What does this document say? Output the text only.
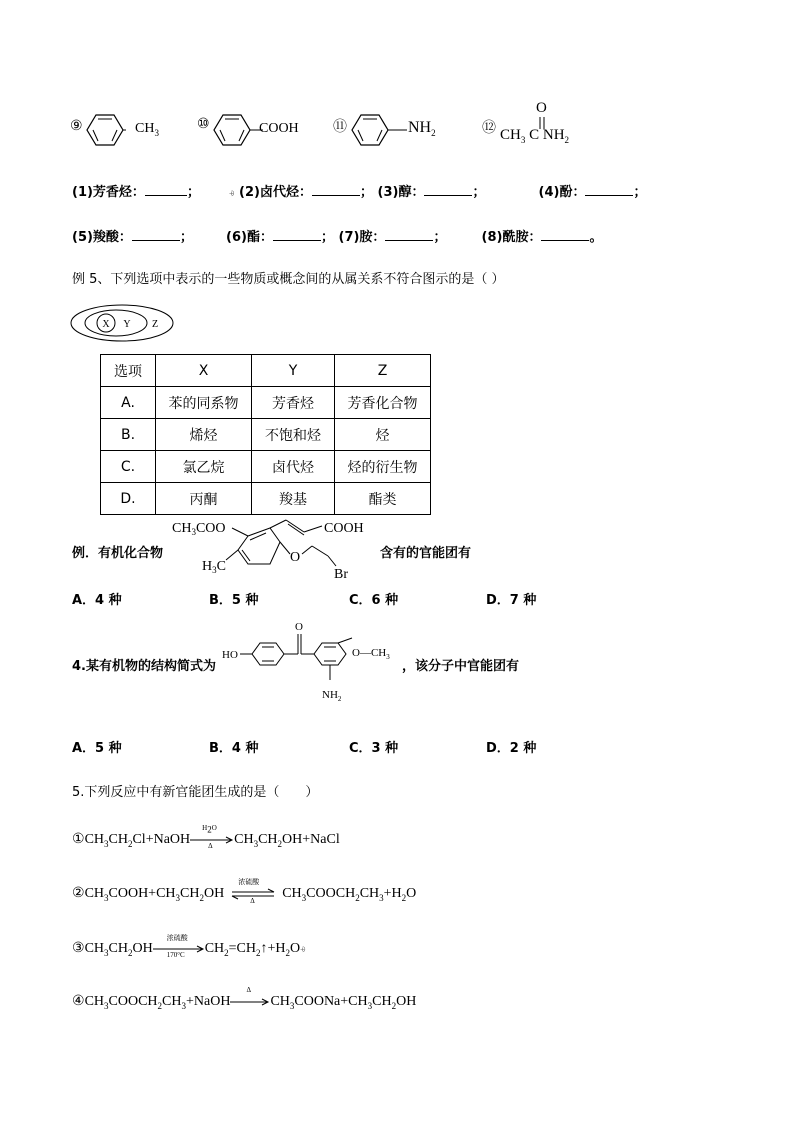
⑨	$CH_3$
⑩	COOH ⑪	$NH_2$	⑫
O
$CH_3$ C $NH_2$
(1)芳香烃：	；	⨮ (2)卤代烃：	； (3)醇：	；	(4)酚：	；
(5)羧酸：	；	(6)酯：	； (7)胺：	；	(8)酰胺：	。
例 5、下列选项中表示的一些物质或概念间的从属关系不符合图示的是（ ）
X Y Z
选项	X	Y	Z
A.	苯的同系物	芳香烃	芳香化合物
B.	烯烃	不饱和烃	烃
C.	氯乙烷	卤代烃	烃的衍生物
D.	丙酮	羧基	酯类
例．有机化合物
$CH_3COO$	COOH
$H_3C$
O
Br
含有的官能团有
A．4 种	B．5 种	C．6 种	D．7 种
4.某有机物的结构简式为
HO
O
$O—CH_3$
$NH_2$
，该分子中官能团有
A．5 种	B．4 种	C．3 种	D．2 种
5.下列反应中有新官能团生成的是（　　）
$①CH_3CH_2Cl+NaOH$
$H_2O$
Δ $CH_3CH_2OH+NaCl$
$②CH_3COOH+CH_3CH_2OH$
浓硫酸
Δ $CH_3COOCH_2CH_3+H_2O$
$③CH_3CH_2OH$
浓硫酸
170°C $CH_2=CH_2↑+H_2O⨮$
$④CH_3COOCH_2CH_3+NaOH$
Δ
$CH_3COONa+CH_3CH_2OH$
